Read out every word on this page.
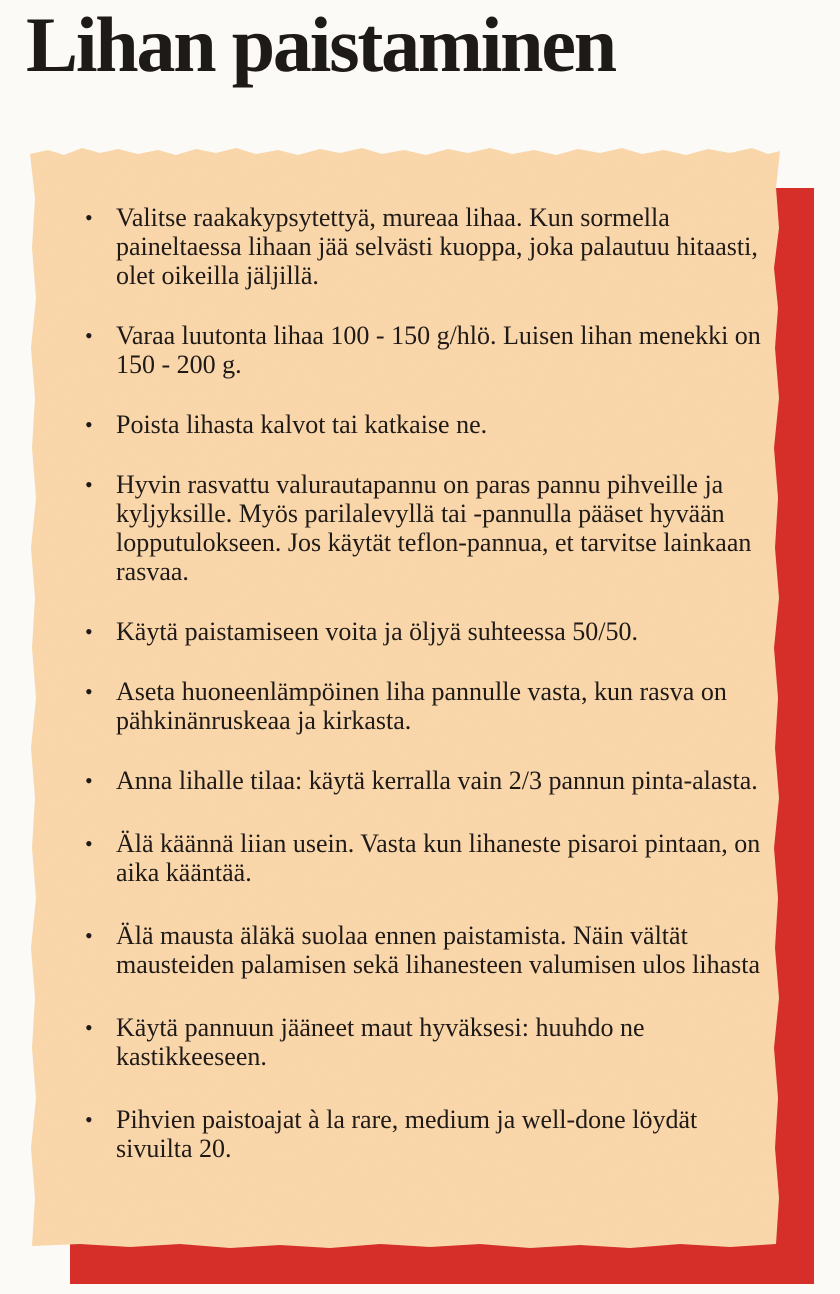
Lihan paistaminen
• Valitse raakakypsytettyä, mureaa lihaa. Kun sormella paineltaessa lihaan jää selvästi kuoppa, joka palautuu hitaasti, olet oikeilla jäljillä.
• Varaa luutonta lihaa 100 - 150 g/hlö. Luisen lihan menekki on 150 - 200 g.
• Poista lihasta kalvot tai katkaise ne.
• Hyvin rasvattu valurautapannu on paras pannu pihveille ja kyljyksille. Myös parilalevyllä tai -pannulla pääset hyvään lopputulokseen. Jos käytät teflon-pannua, et tarvitse lainkaan rasvaa.
• Käytä paistamiseen voita ja öljyä suhteessa 50/50.
• Aseta huoneenlämpöinen liha pannulle vasta, kun rasva on pähkinänruskeaa ja kirkasta.
• Anna lihalle tilaa: käytä kerralla vain 2/3 pannun pinta-alasta.
• Älä käännä liian usein. Vasta kun lihaneste pisaroi pintaan, on aika kääntää.
• Älä mausta äläkä suolaa ennen paistamista. Näin vältät mausteiden palamisen sekä lihanesteen valumisen ulos lihasta
• Käytä pannuun jääneet maut hyväksesi: huuhdo ne kastikkeeseen.
• Pihvien paistoajat à la rare, medium ja well-done löydät sivuilta 20.
